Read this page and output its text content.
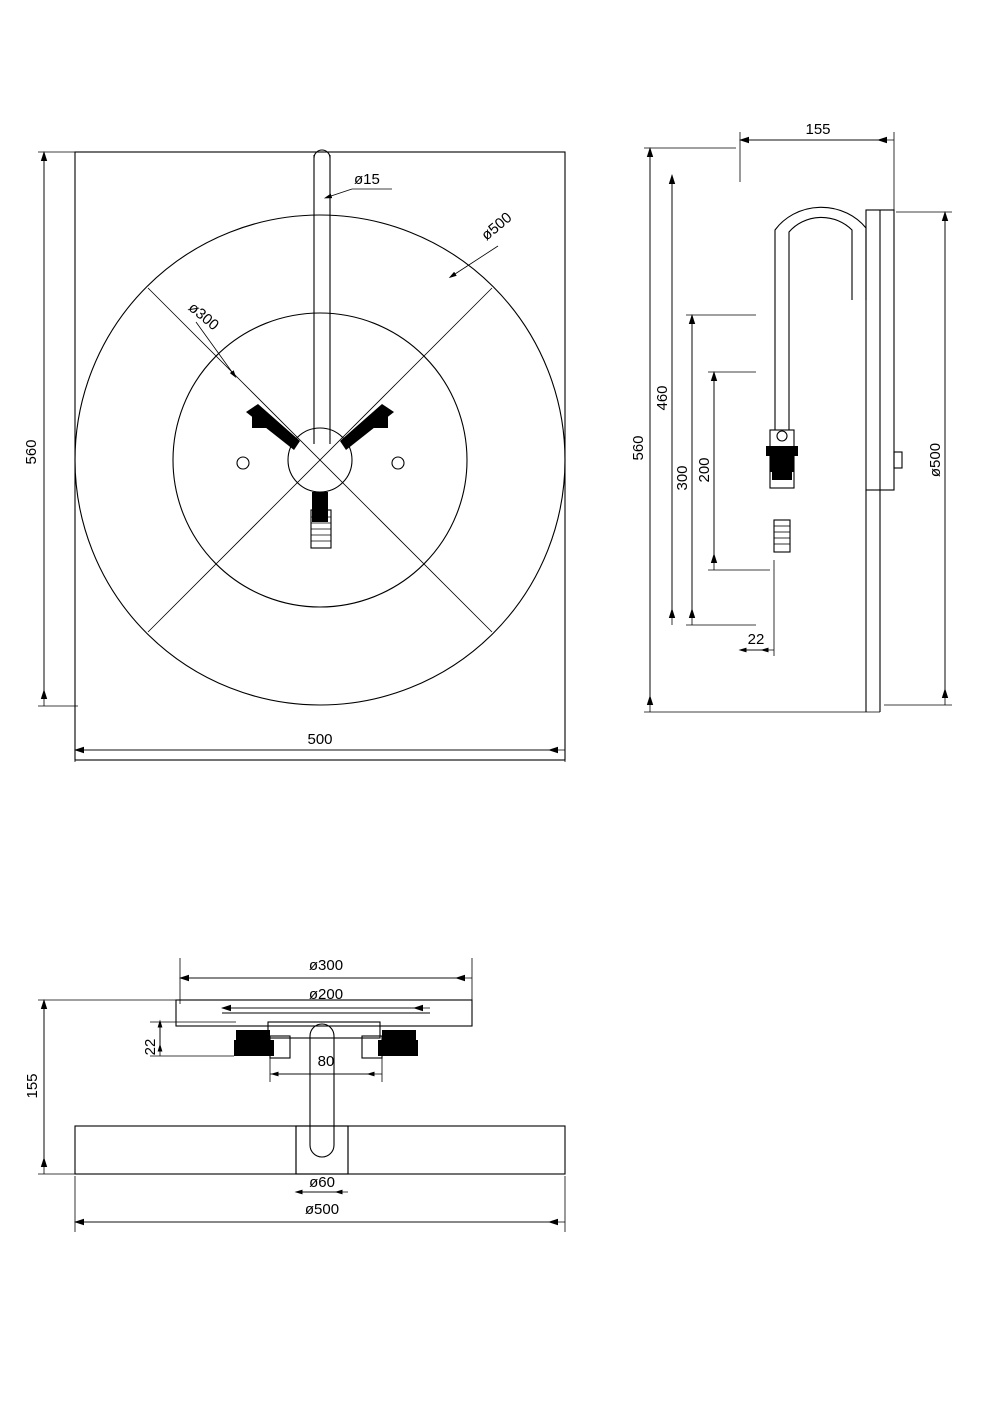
ø15
ø500
ø300
560
500
155
560
460
300 200
22
ø500
ø300
ø200
22
155
80
ø60
ø500
